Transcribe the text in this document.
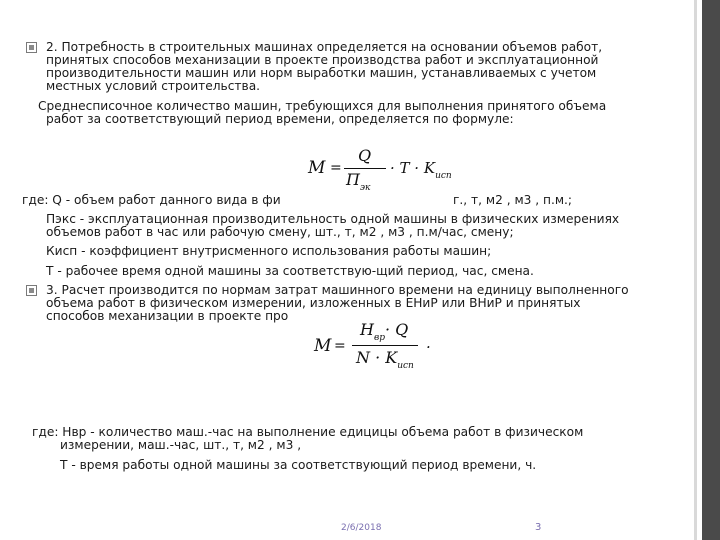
2. Потребность в строительных машинах определяется на основании объемов работ,
принятых способов механизации в проекте производства работ и эксплуатационной
производительности машин или норм выработки машин, устанавливаемых с учетом
местных условий строительства.
Среднесписочное количество машин, требующихся для выполнения принятого объема
работ за соответствующий период времени, определяется по формуле:
M =
Q
$П_{эк}$
· $T \cdot K_{исп}$
где: Q - объем работ данного вида в фи	г., т, м2 , м3 , п.м.;
Пэкс - эксплуатационная производительность одной машины в физических измерениях
объемов работ в час или рабочую смену, шт., т, м2 , м3 , п.м/час, смену;
Кисп - коэффициент внутрисменного использования работы машин;
T - рабочее время одной машины за соответствую-щий период, час, смена.
3. Расчет производится по нормам затрат машинного времени на единицу выполненного
объема работ в физическом измерении, изложенных в ЕНиР или ВНиР и принятых
способов механизации в проекте про
M =
$H_{вр}\cdot Q$
$N \cdot K_{исп}$
.
где: Нвр - количество маш.-час на выполнение едицицы объема работ в физическом
измерении, маш.-час, шт., т, м2 , м3 ,
Т - время работы одной машины за соответствующий период времени, ч.
2/6/2018	3
